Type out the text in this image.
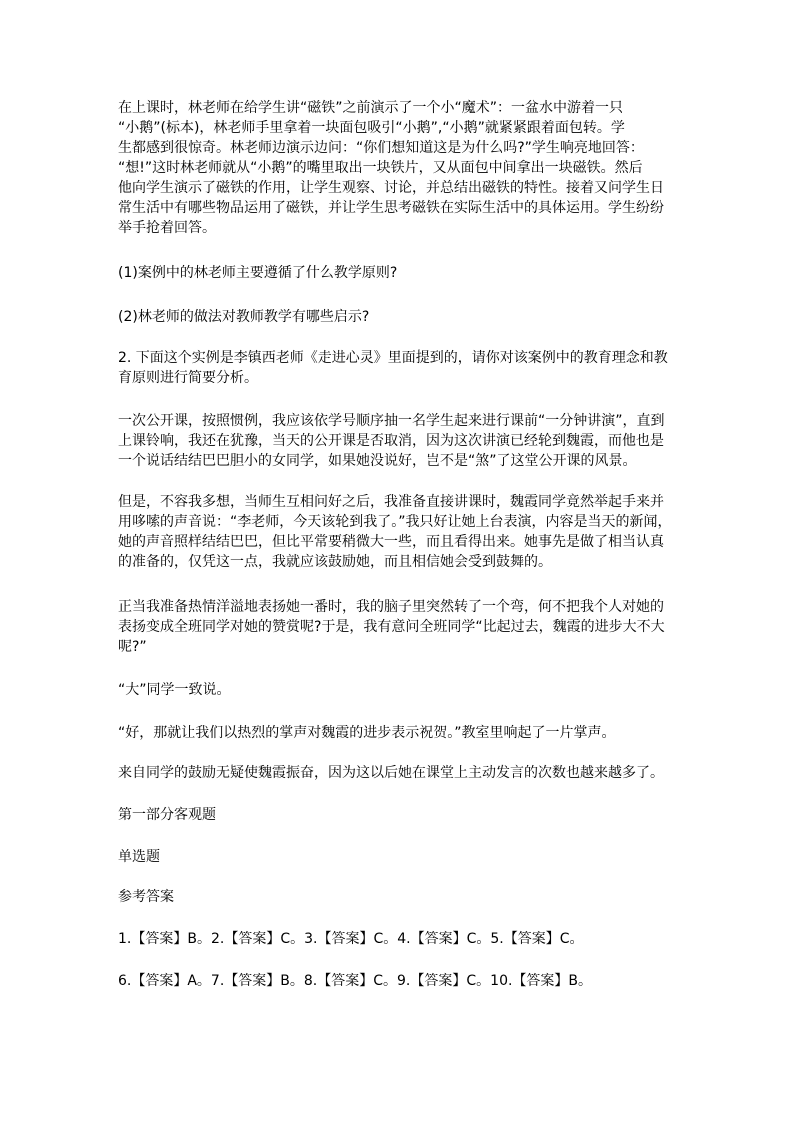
在上课时，林老师在给学生讲“磁铁”之前演示了一个小“魔术”：一盆水中游着一只
“小鹅”(标本)，林老师手里拿着一块面包吸引“小鹅”,“小鹅”就紧紧跟着面包转。学
生都感到很惊奇。林老师边演示边问：“你们想知道这是为什么吗?”学生响亮地回答：
“想!”这时林老师就从“小鹅”的嘴里取出一块铁片，又从面包中间拿出一块磁铁。然后
他向学生演示了磁铁的作用，让学生观察、讨论，并总结出磁铁的特性。接着又问学生日
常生活中有哪些物品运用了磁铁，并让学生思考磁铁在实际生活中的具体运用。学生纷纷
举手抢着回答。
(1)案例中的林老师主要遵循了什么教学原则?
(2)林老师的做法对教师教学有哪些启示?
2. 下面这个实例是李镇西老师《走进心灵》里面提到的，请你对该案例中的教育理念和教
育原则进行简要分析。
一次公开课，按照惯例，我应该依学号顺序抽一名学生起来进行课前“一分钟讲演”，直到
上课铃响，我还在犹豫，当天的公开课是否取消，因为这次讲演已经轮到魏霞，而他也是
一个说话结结巴巴胆小的女同学，如果她没说好，岂不是“煞”了这堂公开课的风景。
但是，不容我多想，当师生互相问好之后，我准备直接讲课时，魏霞同学竟然举起手来并
用哆嗦的声音说：“李老师，今天该轮到我了。”我只好让她上台表演，内容是当天的新闻，
她的声音照样结结巴巴，但比平常要稍微大一些，而且看得出来。她事先是做了相当认真
的准备的，仅凭这一点，我就应该鼓励她，而且相信她会受到鼓舞的。
正当我准备热情洋溢地表扬她一番时，我的脑子里突然转了一个弯，何不把我个人对她的
表扬变成全班同学对她的赞赏呢?于是，我有意问全班同学“比起过去，魏霞的进步大不大
呢?”
“大”同学一致说。
“好，那就让我们以热烈的掌声对魏霞的进步表示祝贺。”教室里响起了一片掌声。
来自同学的鼓励无疑使魏霞振奋，因为这以后她在课堂上主动发言的次数也越来越多了。
第一部分客观题
单选题
参考答案
1.【答案】B。2.【答案】C。3.【答案】C。4.【答案】C。5.【答案】C。
6.【答案】A。7.【答案】B。8.【答案】C。9.【答案】C。10.【答案】B。
